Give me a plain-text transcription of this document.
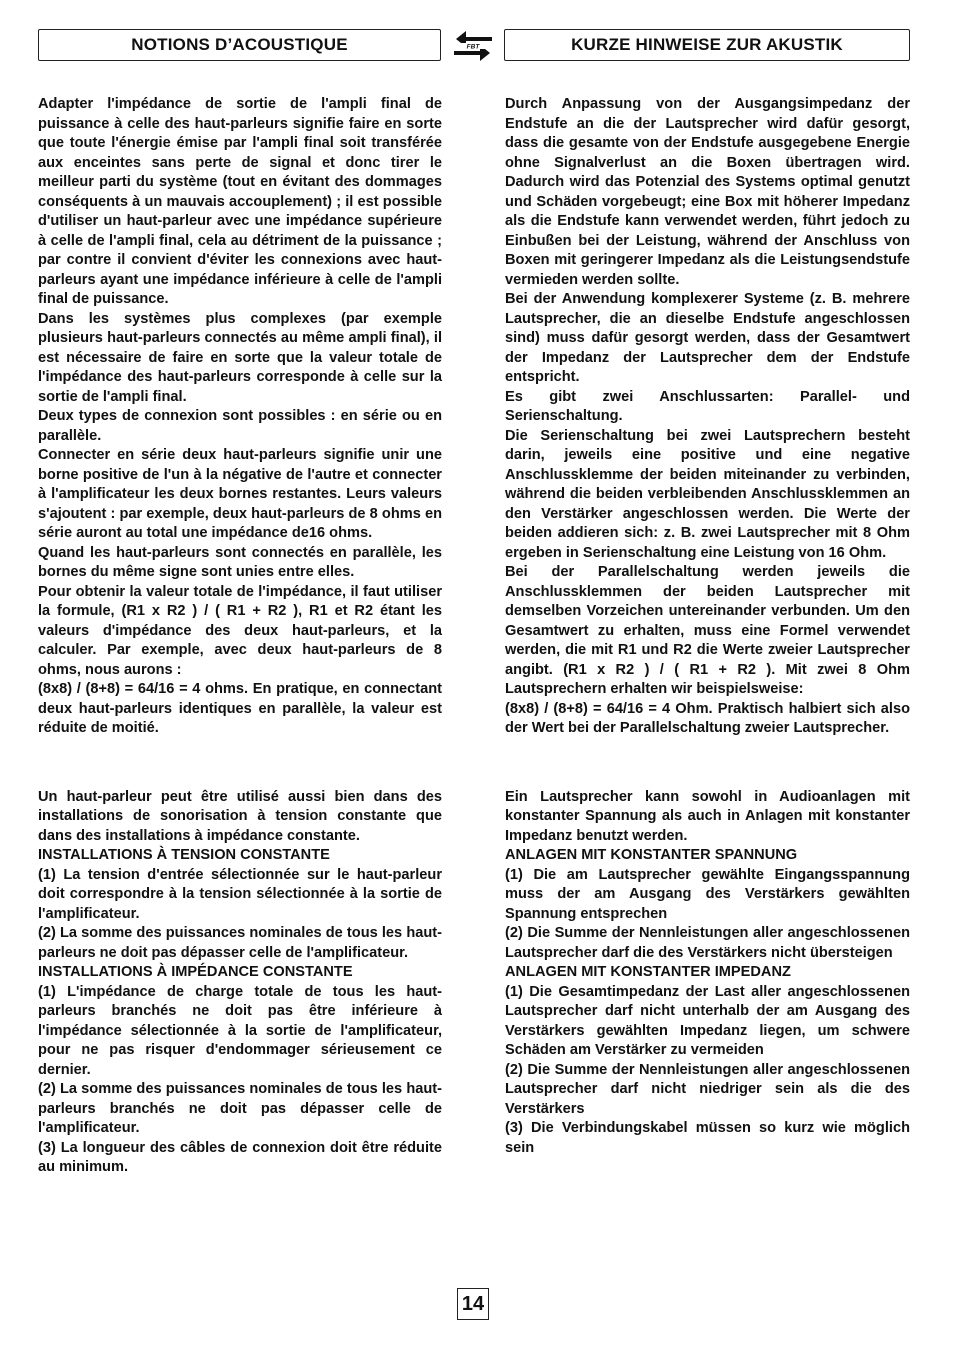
NOTIONS D’ACOUSTIQUE	FBT	KURZE HINWEISE ZUR AKUSTIK

Adapter l'impédance de sortie de l'ampli final de puissance à celle des haut-parleurs signifie faire en sorte que toute l'énergie émise par l'ampli final soit transférée aux enceintes sans perte de signal et donc tirer le meilleur parti du système (tout en évitant des dommages conséquents à un mauvais accouplement) ; il est possible d'utiliser un haut-parleur avec une impédance supérieure à celle de l'ampli final, cela au détriment de la puissance ; par contre il convient d'éviter les connexions avec haut-parleurs ayant une impédance inférieure à celle de l'ampli final de puissance.

Dans les systèmes plus complexes (par exemple plusieurs haut-parleurs connectés au même ampli final), il est nécessaire de faire en sorte que la valeur totale de l'impédance des haut-parleurs corresponde à celle sur la sortie de l'ampli final.

Deux types de connexion sont possibles : en série ou en parallèle.

Connecter en série deux haut-parleurs signifie unir une borne positive de l'un à la négative de l'autre et connecter à l'amplificateur les deux bornes restantes. Leurs valeurs s'ajoutent : par exemple, deux haut-parleurs de 8 ohms en série auront au total une impédance de16 ohms.

Quand les haut-parleurs sont connectés en parallèle, les bornes du même signe sont unies entre elles.

Pour obtenir la valeur totale de l'impédance, il faut utiliser la formule, (R1 x R2 ) / ( R1 + R2 ), R1 et R2 étant les valeurs d'impédance des deux haut-parleurs, et la calculer. Par exemple, avec deux haut-parleurs de 8 ohms, nous aurons :

(8x8) / (8+8) = 64/16 = 4 ohms. En pratique, en connectant deux haut-parleurs identiques en parallèle, la valeur est réduite de moitié.

Un haut-parleur peut être utilisé aussi bien dans des installations de sonorisation à tension constante que dans des installations à impédance constante.

INSTALLATIONS À TENSION CONSTANTE

(1) La tension d'entrée sélectionnée sur le haut-parleur doit correspondre à la tension sélectionnée à la sortie de l'amplificateur.

(2) La somme des puissances nominales de tous les haut-parleurs ne doit pas dépasser celle de l'amplificateur.

INSTALLATIONS À IMPÉDANCE CONSTANTE

(1) L'impédance de charge totale de tous les haut-parleurs branchés ne doit pas être inférieure à l'impédance sélectionnée à la sortie de l'amplificateur, pour ne pas risquer d'endommager sérieusement ce dernier.

(2) La somme des puissances nominales de tous les haut-parleurs branchés ne doit pas dépasser celle de l'amplificateur.

(3) La longueur des câbles de connexion doit être réduite au minimum.

Durch Anpassung von der Ausgangsimpedanz der Endstufe an die der Lautsprecher wird dafür gesorgt, dass die gesamte von der Endstufe ausgegebene Energie ohne Signalverlust an die Boxen übertragen wird. Dadurch wird das Potenzial des Systems optimal genutzt und Schäden vorgebeugt; eine Box mit höherer Impedanz als die Endstufe kann verwendet werden, führt jedoch zu Einbußen bei der Leistung, während der Anschluss von Boxen mit geringerer Impedanz als die Leistungsendstufe vermieden werden sollte.

Bei der Anwendung komplexerer Systeme (z. B. mehrere Lautsprecher, die an dieselbe Endstufe angeschlossen sind) muss dafür gesorgt werden, dass der Gesamtwert der Impedanz der Lautsprecher dem der Endstufe entspricht.

Es gibt zwei Anschlussarten: Parallel- und Serienschaltung.

Die Serienschaltung bei zwei Lautsprechern besteht darin, jeweils eine positive und eine negative Anschlussklemme der beiden miteinander zu verbinden, während die beiden verbleibenden Anschlussklemmen an den Verstärker angeschlossen werden. Die Werte der beiden addieren sich: z. B. zwei Lautsprecher mit 8 Ohm ergeben in Serienschaltung eine Leistung von 16 Ohm.

Bei der Parallelschaltung werden jeweils die Anschlussklemmen der beiden Lautsprecher mit demselben Vorzeichen untereinander verbunden. Um den Gesamtwert zu erhalten, muss eine Formel verwendet werden, die mit R1 und R2 die Werte zweier Lautsprecher angibt. (R1 x R2 ) / ( R1 + R2 ). Mit zwei 8 Ohm Lautsprechern erhalten wir beispielsweise:

(8x8) / (8+8) = 64/16 = 4 Ohm. Praktisch halbiert sich also der Wert bei der Parallelschaltung zweier Lautsprecher.

Ein Lautsprecher kann sowohl in Audioanlagen mit konstanter Spannung als auch in Anlagen mit konstanter Impedanz benutzt werden.

ANLAGEN MIT KONSTANTER SPANNUNG

(1) Die am Lautsprecher gewählte Eingangsspannung muss der am Ausgang des Verstärkers gewählten Spannung entsprechen

(2) Die Summe der Nennleistungen aller angeschlossenen Lautsprecher darf die des Verstärkers nicht übersteigen

ANLAGEN MIT KONSTANTER IMPEDANZ

(1) Die Gesamtimpedanz der Last aller angeschlossenen Lautsprecher darf nicht unterhalb der am Ausgang des Verstärkers gewählten Impedanz liegen, um schwere Schäden am Verstärker zu vermeiden

(2) Die Summe der Nennleistungen aller angeschlossenen Lautsprecher darf nicht niedriger sein als die des Verstärkers

(3) Die Verbindungskabel müssen so kurz wie möglich sein

14
